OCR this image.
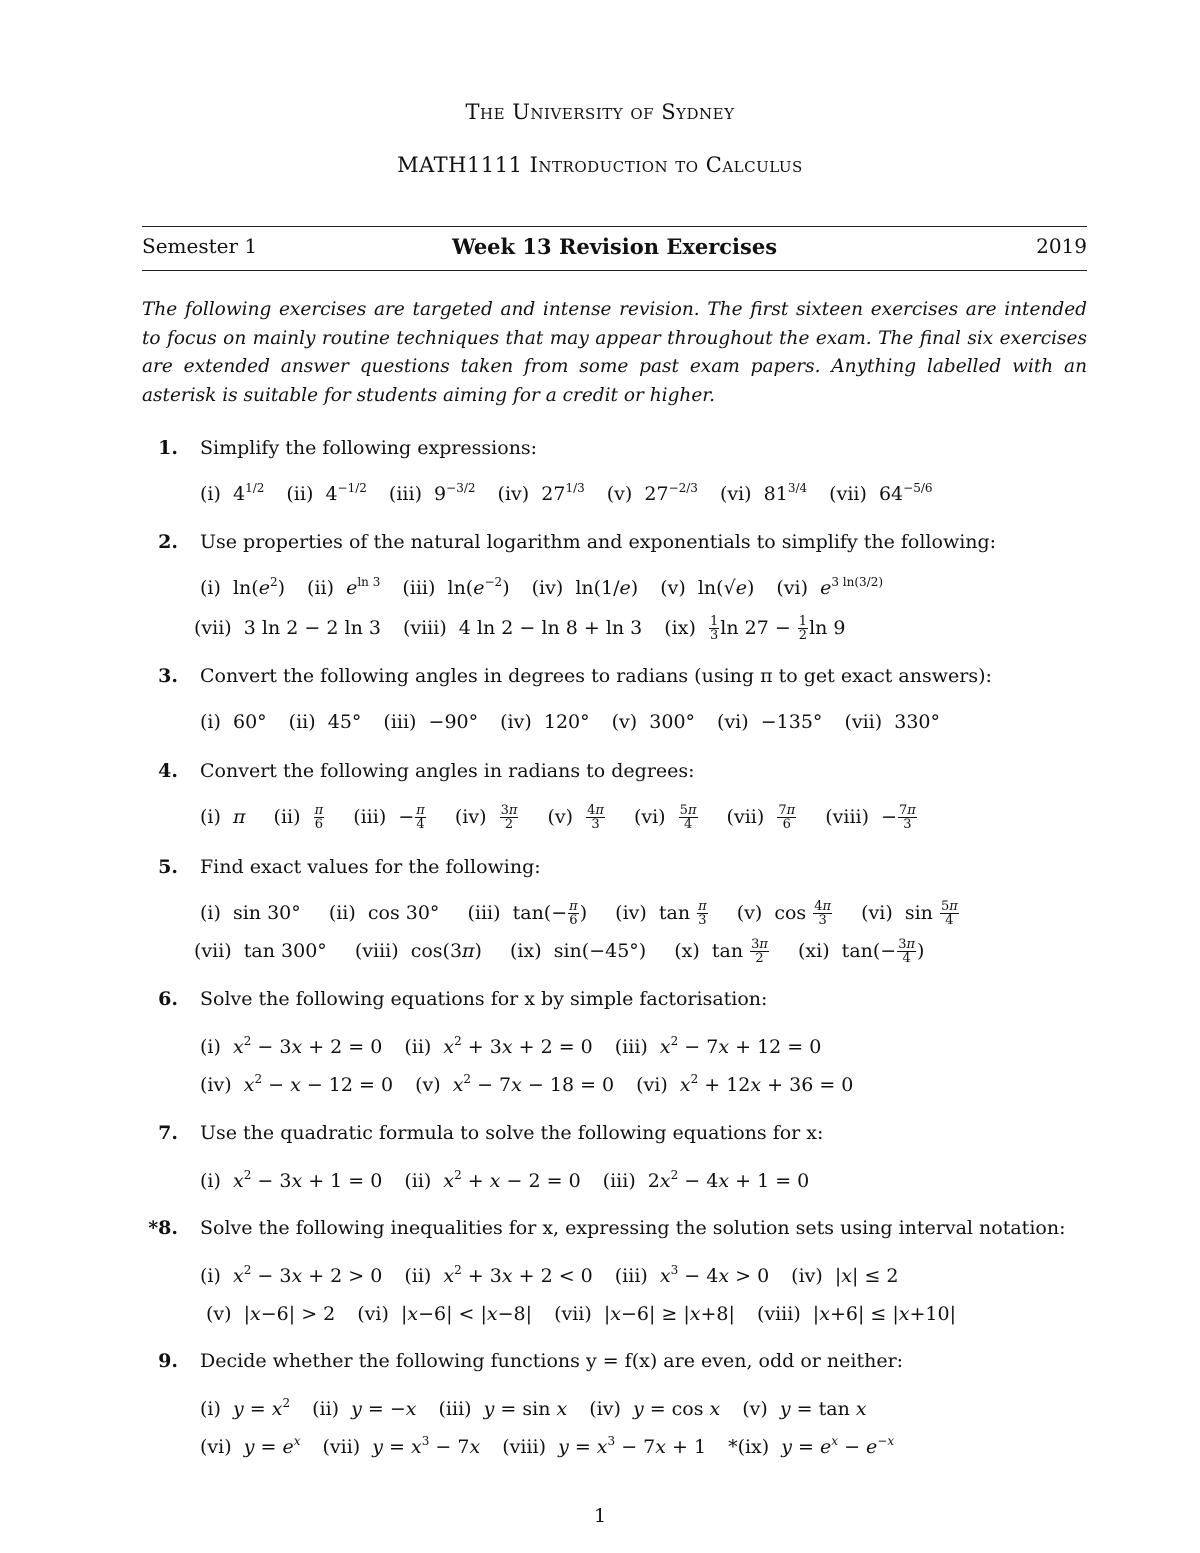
The University of Sydney
MATH1111 Introduction to Calculus
Semester 1	Week 13 Revision Exercises	2019
The following exercises are targeted and intense revision. The first sixteen exercises are intended to focus on mainly routine techniques that may appear throughout the exam. The final six exercises are extended answer questions taken from some past exam papers. Anything labelled with an asterisk is suitable for students aiming for a credit or higher.
1. Simplify the following expressions:
(i)  $4^{1/2}$ (ii)  $4^{-1/2}$ (iii)  $9^{-3/2}$ (iv)  $27^{1/3}$ (v)  $27^{-2/3}$ (vi)  $81^{3/4}$ (vii)  $64^{-5/6}$
2. Use properties of the natural logarithm and exponentials to simplify the following:
(i)  $\ln(e^2)$ (ii)  $e^{ln 3}$ (iii)  $\ln(e^{-2})$ (iv)  ln(1/e) (v)  ln(√e) (vi)  $e^{3 ln(3/2)}$
(vii)  3 ln 2 − 2 ln 3 (viii)  4 ln 2 − ln 8 + ln 3 $(ix) \frac{1}{3}$ $\ln 27 - \frac{1}{2}$ ln 9
3. Convert the following angles in degrees to radians (using π to get exact answers):
(i)  60° (ii)  45° (iii)  −90° (iv)  120° (v)  300° (vi)  −135° (vii)  330°
4. Convert the following angles in radians to degrees:
(i)  π $(ii) \frac{\pi}{6} (iii) - \frac{\pi}{4} (iv) \frac{3\pi}{2} (v) \frac{4\pi}{3} (vi) \frac{5\pi}{4} (vii) \frac{7\pi}{6}$ (viii)  − $\frac{7\pi}{3}$
5. Find exact values for the following:
(i)  sin 30° (ii)  cos 30° (iii)  $\tan(- \frac{\pi}{6}$ ) (iv)  $\tan \frac{\pi}{3} (v)$  $\cos \frac{4\pi}{3} (vi)$  $\sin \frac{5\pi}{4}$
(vii)  tan 300° (viii)  cos(3π) (ix)  sin(−45°) (x)  $\tan \frac{3\pi}{2} (xi)$  $\tan(- \frac{3\pi}{4}$ )
6. Solve the following equations for x by simple factorisation:
(i)  $x^2 - 3x + 2 = 0$ (ii)  $x^2 + 3x + 2 = 0$ (iii)  $x^2 - 7x + 12 = 0$
(iv)  $x^2 - x - 12 = 0$ (v)  $x^2 - 7x - 18 = 0$ (vi)  $x^2 + 12x + 36 = 0$
7. Use the quadratic formula to solve the following equations for x:
(i)  $x^2 - 3x + 1 = 0$ (ii)  $x^2 + x - 2 = 0$ (iii)  $2x^2 - 4x + 1 = 0$
*8. Solve the following inequalities for x, expressing the solution sets using interval notation:
(i)  $x^2 - 3x + 2 > 0$ (ii)  $x^2 + 3x + 2 < 0$ (iii)  $x^3 - 4x > 0$ (iv)  |x| ≤ 2
(v)  |x−6| > 2 (vi)  |x−6| < |x−8| (vii)  |x−6| ≥ |x+8| (viii)  |x+6| ≤ |x+10|
9. Decide whether the following functions y = f(x) are even, odd or neither:
(i)  $y = x^2$ (ii)  y = −x (iii)  y = sin x (iv)  y = cos x (v)  y = tan x
(vi)  $y = e^x$ (vii)  $y = x^3 - 7x$ (viii)  $y = x^3 - 7x + 1$ *(ix)  $y = e^x - e^{-x}$
1
